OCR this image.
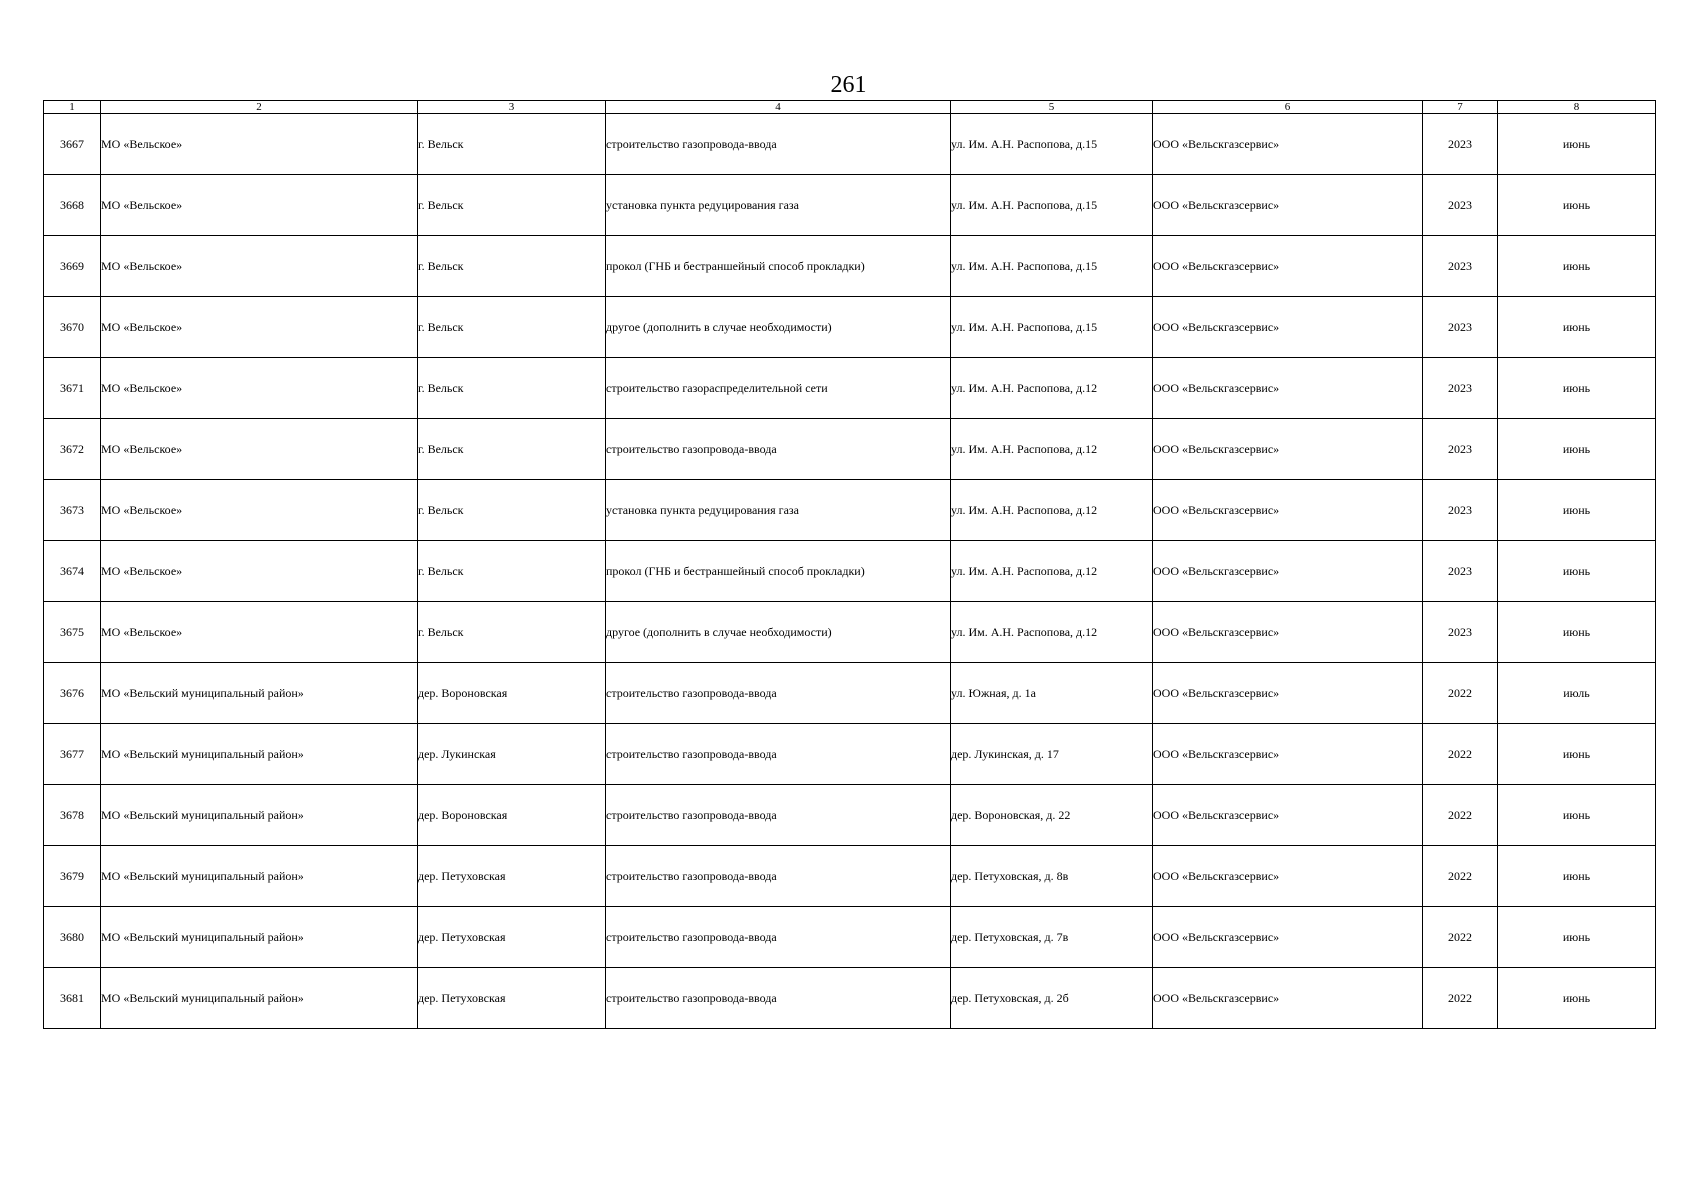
261
1	2	3	4	5	6	7	8
3667	МО «Вельское»	г. Вельск	строительство газопровода-ввода	ул. Им. А.Н. Распопова, д.15	ООО «Вельскгазсервис»	2023	июнь
3668	МО «Вельское»	г. Вельск	установка пункта редуцирования газа	ул. Им. А.Н. Распопова, д.15	ООО «Вельскгазсервис»	2023	июнь
3669	МО «Вельское»	г. Вельск	прокол (ГНБ и бестраншейный способ прокладки)	ул. Им. А.Н. Распопова, д.15	ООО «Вельскгазсервис»	2023	июнь
3670	МО «Вельское»	г. Вельск	другое (дополнить в случае необходимости)	ул. Им. А.Н. Распопова, д.15	ООО «Вельскгазсервис»	2023	июнь
3671	МО «Вельское»	г. Вельск	строительство газораспределительной сети	ул. Им. А.Н. Распопова, д.12	ООО «Вельскгазсервис»	2023	июнь
3672	МО «Вельское»	г. Вельск	строительство газопровода-ввода	ул. Им. А.Н. Распопова, д.12	ООО «Вельскгазсервис»	2023	июнь
3673	МО «Вельское»	г. Вельск	установка пункта редуцирования газа	ул. Им. А.Н. Распопова, д.12	ООО «Вельскгазсервис»	2023	июнь
3674	МО «Вельское»	г. Вельск	прокол (ГНБ и бестраншейный способ прокладки)	ул. Им. А.Н. Распопова, д.12	ООО «Вельскгазсервис»	2023	июнь
3675	МО «Вельское»	г. Вельск	другое (дополнить в случае необходимости)	ул. Им. А.Н. Распопова, д.12	ООО «Вельскгазсервис»	2023	июнь
3676	МО «Вельский муниципальный район»	дер. Вороновская	строительство газопровода-ввода	ул. Южная, д. 1а	ООО «Вельскгазсервис»	2022	июль
3677	МО «Вельский муниципальный район»	дер. Лукинская	строительство газопровода-ввода	дер. Лукинская, д. 17	ООО «Вельскгазсервис»	2022	июнь
3678	МО «Вельский муниципальный район»	дер. Вороновская	строительство газопровода-ввода	дер. Вороновская, д. 22	ООО «Вельскгазсервис»	2022	июнь
3679	МО «Вельский муниципальный район»	дер. Петуховская	строительство газопровода-ввода	дер. Петуховская, д. 8в	ООО «Вельскгазсервис»	2022	июнь
3680	МО «Вельский муниципальный район»	дер. Петуховская	строительство газопровода-ввода	дер. Петуховская, д. 7в	ООО «Вельскгазсервис»	2022	июнь
3681	МО «Вельский муниципальный район»	дер. Петуховская	строительство газопровода-ввода	дер. Петуховская, д. 2б	ООО «Вельскгазсервис»	2022	июнь
